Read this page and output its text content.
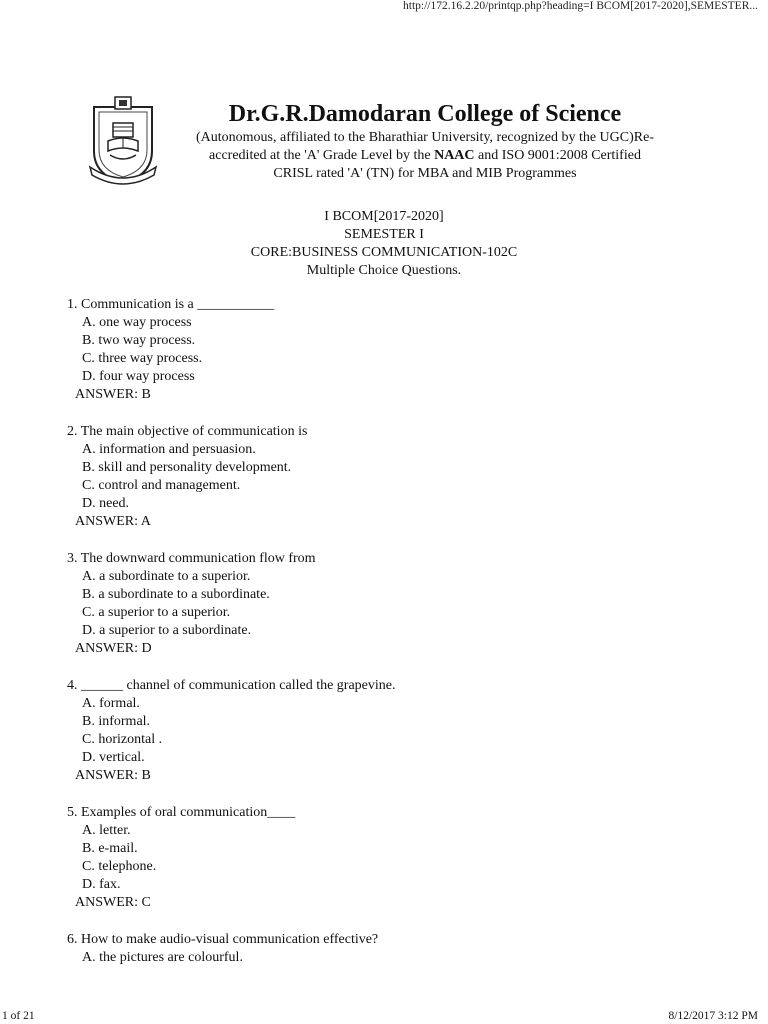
http://172.16.2.20/printqp.php?heading=I BCOM[2017-2020],SEMESTER...
Dr.G.R.Damodaran College of Science
(Autonomous, affiliated to the Bharathiar University, recognized by the UGC)Re-
accredited at the 'A' Grade Level by the NAAC and ISO 9001:2008 Certified
CRISL rated 'A' (TN) for MBA and MIB Programmes
I BCOM[2017-2020]
SEMESTER I
CORE:BUSINESS COMMUNICATION-102C
Multiple Choice Questions.
1. Communication is a ___________
A. one way process
B. two way process.
C. three way process.
D. four way process
ANSWER: B
2. The main objective of communication is
A. information and persuasion.
B. skill and personality development.
C. control and management.
D. need.
ANSWER: A
3. The downward communication flow from
A. a subordinate to a superior.
B. a subordinate to a subordinate.
C. a superior to a superior.
D. a superior to a subordinate.
ANSWER: D
4. ______ channel of communication called the grapevine.
A. formal.
B. informal.
C. horizontal .
D. vertical.
ANSWER: B
5. Examples of oral communication____
A. letter.
B. e-mail.
C. telephone.
D. fax.
ANSWER: C
6. How to make audio-visual communication effective?
A. the pictures are colourful.
1 of 21	8/12/2017 3:12 PM
